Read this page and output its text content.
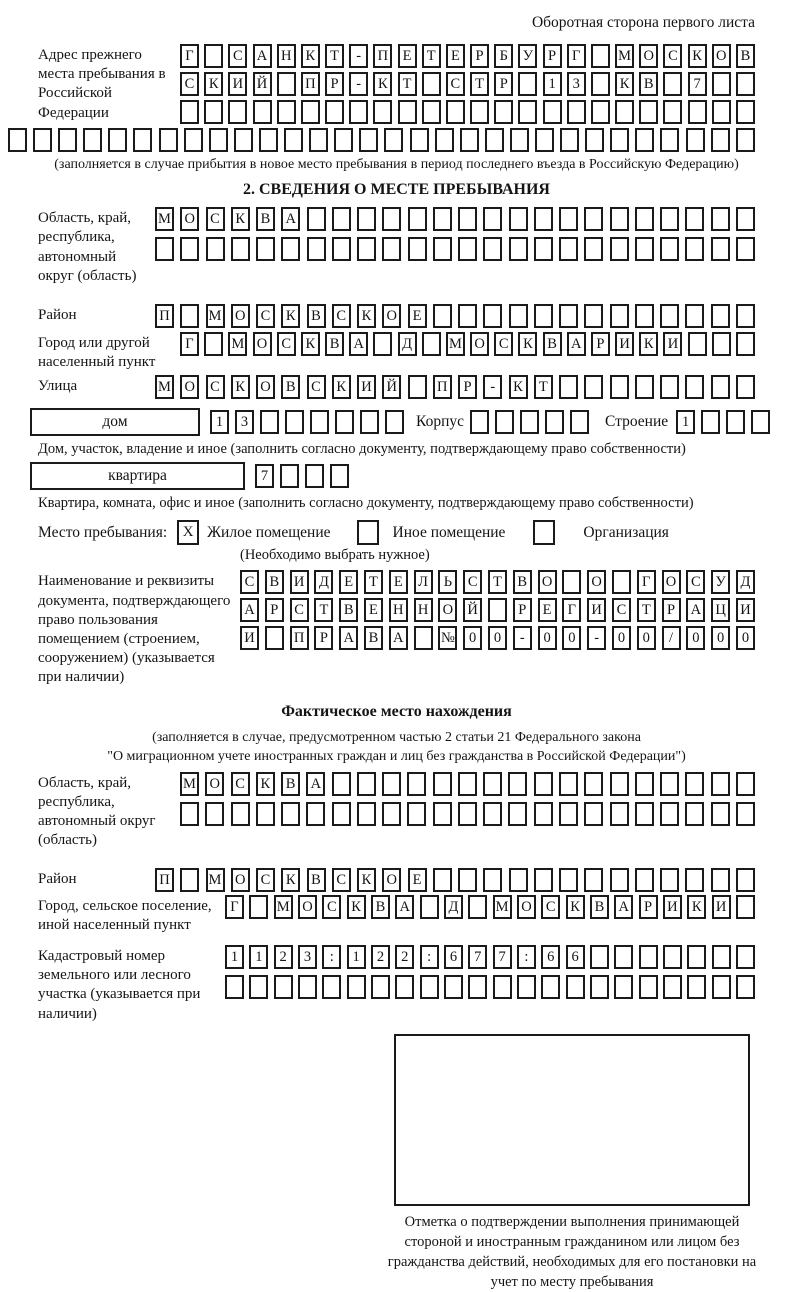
Оборотная сторона первого листа
Адрес прежнего места пребывания в Российской Федерации
Г	С А Н К	Т	-	П	Е	Т	Е	Р	Б	У	Р	Г	М О С	К О В
С	К И Й	П	Р	-	К	Т	С	Т	Р	1	3	К	В	7
(заполняется в случае прибытия в новое место пребывания в период последнего въезда в Российскую Федерацию)
2. СВЕДЕНИЯ О МЕСТЕ ПРЕБЫВАНИЯ
Область, край, республика, автономный округ (область)
М О	С	К	В	А
Район	П	М О	С	К	В	С	К	О	Е
Город или другой населенный пункт
Г	М О С	К	В А	Д	М О С	К	В А	Р	И К И
Улица	М О	С	К	О	В	С	К	И Й	П	Р	-	К	Т
дом	1	3	Корпус	Строение 1
Дом, участок, владение и иное (заполнить согласно документу, подтверждающему право собственности)
квартира	7
Квартира, комната, офис и иное (заполнить согласно документу, подтверждающему право собственности)
Место пребывания:	X Жилое помещение	Иное помещение	Организация
(Необходимо выбрать нужное)
Наименование и реквизиты документа, подтверждающего право пользования помещением (строением, сооружением) (указывается при наличии)
С	В	И	Д	Е	Т	Е	Л	Ь	С	Т	В	О	О	Г	О	С	У	Д
А	Р	С	Т	В	Е	Н Н О Й	Р	Е	Г	И	С	Т	Р	А Ц И
И	П	Р	А	В	А	№ 0	0	-	0	0	-	0	0	/	0	0	0
Фактическое место нахождения
(заполняется в случае, предусмотренном частью 2 статьи 21 Федерального закона
"О миграционном учете иностранных граждан и лиц без гражданства в Российской Федерации")
Область, край, республика, автономный округ (область)
М О	С	К	В	А
Район	П	М О	С	К	В	С	К	О	Е
Город, сельское поселение, иной населенный пункт
Г	М О С	К	В А	Д	М О С	К	В А	Р	И К И
Кадастровый номер земельного или лесного участка (указывается при наличии)
1	1	2	3	:	1	2	2	:	6	7	7	:	6	6
Отметка о подтверждении выполнения принимающей стороной и иностранным гражданином или лицом без гражданства действий, необходимых для его постановки на учет по месту пребывания
